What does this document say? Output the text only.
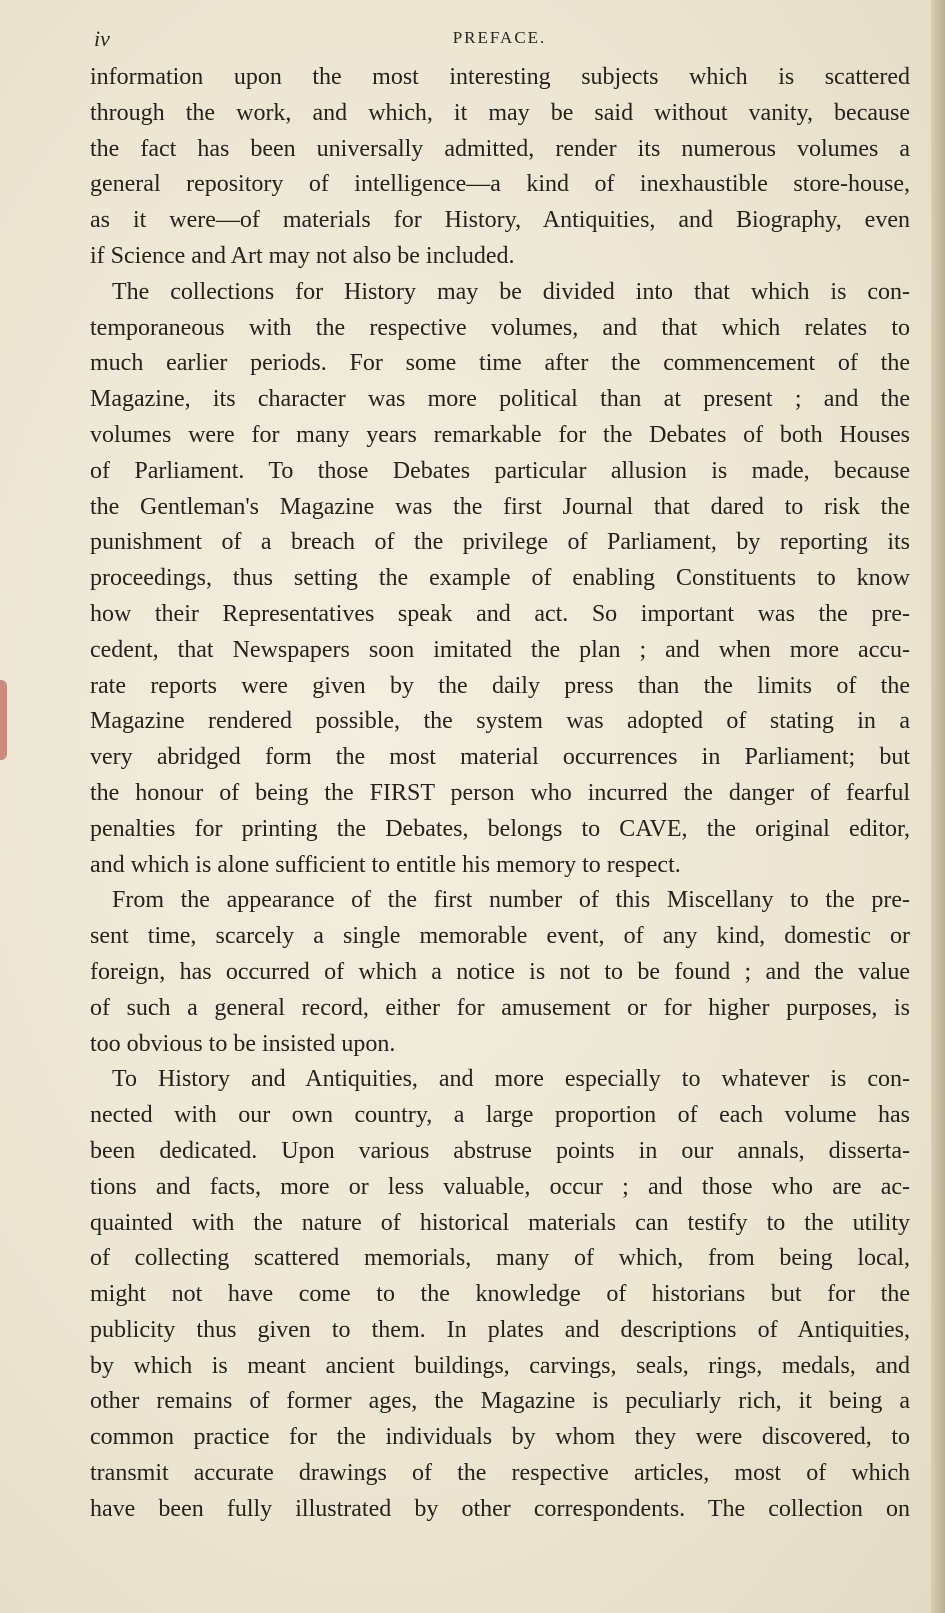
iv	PREFACE.
information upon the most interesting subjects which is scattered
through the work, and which, it may be said without vanity, because
the fact has been universally admitted, render its numerous volumes a
general repository of intelligence—a kind of inexhaustible store-house,
as it were—of materials for History, Antiquities, and Biography, even
if Science and Art may not also be included.
The collections for History may be divided into that which is con-
temporaneous with the respective volumes, and that which relates to
much earlier periods. For some time after the commencement of the
Magazine, its character was more political than at present ; and the
volumes were for many years remarkable for the Debates of both Houses
of Parliament. To those Debates particular allusion is made, because
the Gentleman's Magazine was the first Journal that dared to risk the
punishment of a breach of the privilege of Parliament, by reporting its
proceedings, thus setting the example of enabling Constituents to know
how their Representatives speak and act. So important was the pre-
cedent, that Newspapers soon imitated the plan ; and when more accu-
rate reports were given by the daily press than the limits of the
Magazine rendered possible, the system was adopted of stating in a
very abridged form the most material occurrences in Parliament; but
the honour of being the FIRST person who incurred the danger of fearful
penalties for printing the Debates, belongs to CAVE, the original editor,
and which is alone sufficient to entitle his memory to respect.
From the appearance of the first number of this Miscellany to the pre-
sent time, scarcely a single memorable event, of any kind, domestic or
foreign, has occurred of which a notice is not to be found ; and the value
of such a general record, either for amusement or for higher purposes, is
too obvious to be insisted upon.
To History and Antiquities, and more especially to whatever is con-
nected with our own country, a large proportion of each volume has
been dedicated. Upon various abstruse points in our annals, disserta-
tions and facts, more or less valuable, occur ; and those who are ac-
quainted with the nature of historical materials can testify to the utility
of collecting scattered memorials, many of which, from being local,
might not have come to the knowledge of historians but for the
publicity thus given to them. In plates and descriptions of Antiquities,
by which is meant ancient buildings, carvings, seals, rings, medals, and
other remains of former ages, the Magazine is peculiarly rich, it being a
common practice for the individuals by whom they were discovered, to
transmit accurate drawings of the respective articles, most of which
have been fully illustrated by other correspondents. The collection on
